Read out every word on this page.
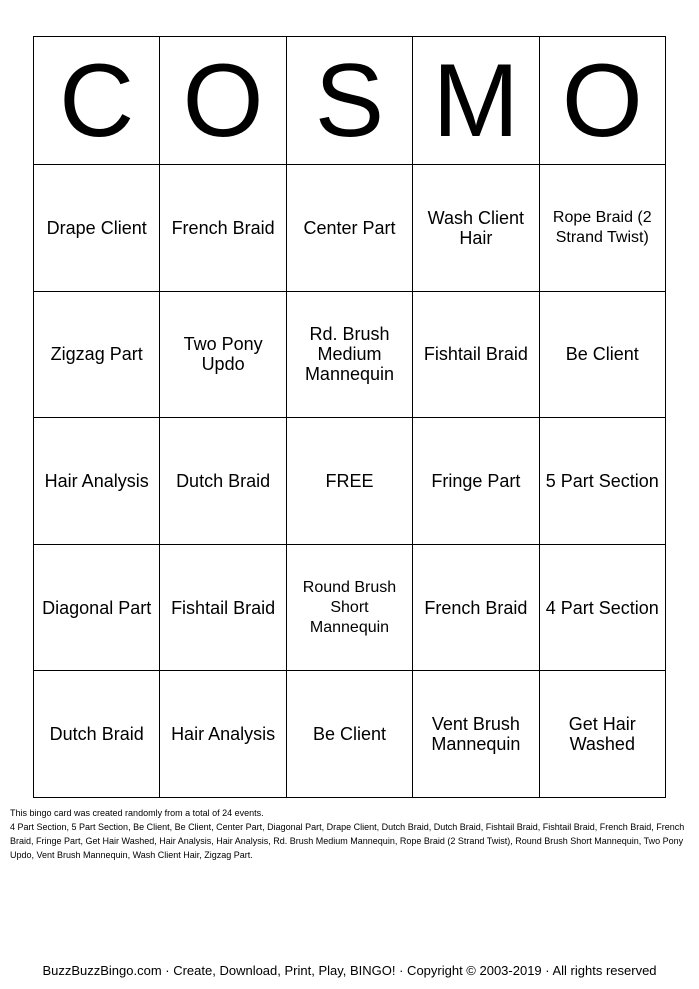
C	O	S	M	O
Drape Client	French Braid	Center Part	Wash Client Hair	Rope Braid (2 Strand Twist)
Zigzag Part	Two Pony Updo	Rd. Brush Medium Mannequin	Fishtail Braid	Be Client
Hair Analysis	Dutch Braid	FREE	Fringe Part	5 Part Section
Diagonal Part	Fishtail Braid	Round Brush Short Mannequin	French Braid	4 Part Section
Dutch Braid	Hair Analysis	Be Client	Vent Brush Mannequin	Get Hair Washed
This bingo card was created randomly from a total of 24 events.
4 Part Section, 5 Part Section, Be Client, Be Client, Center Part, Diagonal Part, Drape Client, Dutch Braid, Dutch Braid, Fishtail Braid, Fishtail Braid, French Braid, French Braid, Fringe Part, Get Hair Washed, Hair Analysis, Hair Analysis, Rd. Brush Medium Mannequin, Rope Braid (2 Strand Twist), Round Brush Short Mannequin, Two Pony Updo, Vent Brush Mannequin, Wash Client Hair, Zigzag Part.
BuzzBuzzBingo.com · Create, Download, Print, Play, BINGO! · Copyright © 2003-2019 · All rights reserved
